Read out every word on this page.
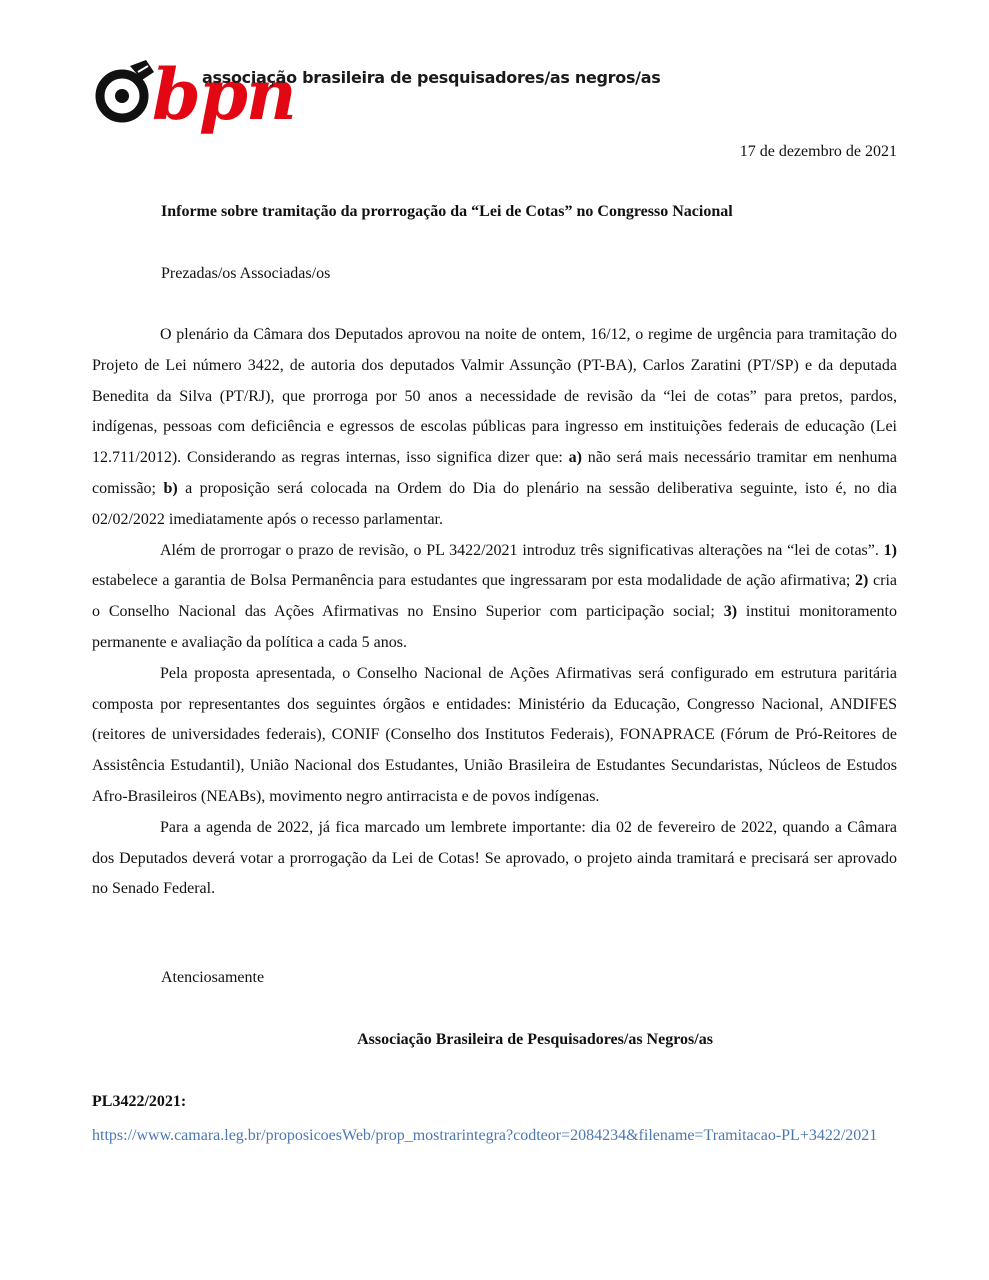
bpn
associação brasileira de pesquisadores/as negros/as
17 de dezembro de 2021
Informe sobre tramitação da prorrogação da “Lei de Cotas” no Congresso Nacional
Prezadas/os Associadas/os

O plenário da Câmara dos Deputados aprovou na noite de ontem, 16/12, o regime de urgência para tramitação do Projeto de Lei número 3422, de autoria dos deputados Valmir Assunção (PT-BA), Carlos Zaratini (PT/SP) e da deputada Benedita da Silva (PT/RJ), que prorroga por 50 anos a necessidade de revisão da “lei de cotas” para pretos, pardos, indígenas, pessoas com deficiência e egressos de escolas públicas para ingresso em instituições federais de educação (Lei 12.711/2012). Considerando as regras internas, isso significa dizer que: a) não será mais necessário tramitar em nenhuma comissão; b) a proposição será colocada na Ordem do Dia do plenário na sessão deliberativa seguinte, isto é, no dia 02/02/2022 imediatamente após o recesso parlamentar.

Além de prorrogar o prazo de revisão, o PL 3422/2021 introduz três significativas alterações na “lei de cotas”. 1) estabelece a garantia de Bolsa Permanência para estudantes que ingressaram por esta modalidade de ação afirmativa; 2) cria o Conselho Nacional das Ações Afirmativas no Ensino Superior com participação social; 3) institui monitoramento permanente e avaliação da política a cada 5 anos.

Pela proposta apresentada, o Conselho Nacional de Ações Afirmativas será configurado em estrutura paritária composta por representantes dos seguintes órgãos e entidades: Ministério da Educação, Congresso Nacional, ANDIFES (reitores de universidades federais), CONIF (Conselho dos Institutos Federais), FONAPRACE (Fórum de Pró-Reitores de Assistência Estudantil), União Nacional dos Estudantes, União Brasileira de Estudantes Secundaristas, Núcleos de Estudos Afro-Brasileiros (NEABs), movimento negro antirracista e de povos indígenas.

Para a agenda de 2022, já fica marcado um lembrete importante: dia 02 de fevereiro de 2022, quando a Câmara dos Deputados deverá votar a prorrogação da Lei de Cotas! Se aprovado, o projeto ainda tramitará e precisará ser aprovado no Senado Federal.

Atenciosamente
Associação Brasileira de Pesquisadores/as Negros/as
PL3422/2021:
https://www.camara.leg.br/proposicoesWeb/prop_mostrarintegra?codteor=2084234&filename=Tramitacao-PL+3422/2021
